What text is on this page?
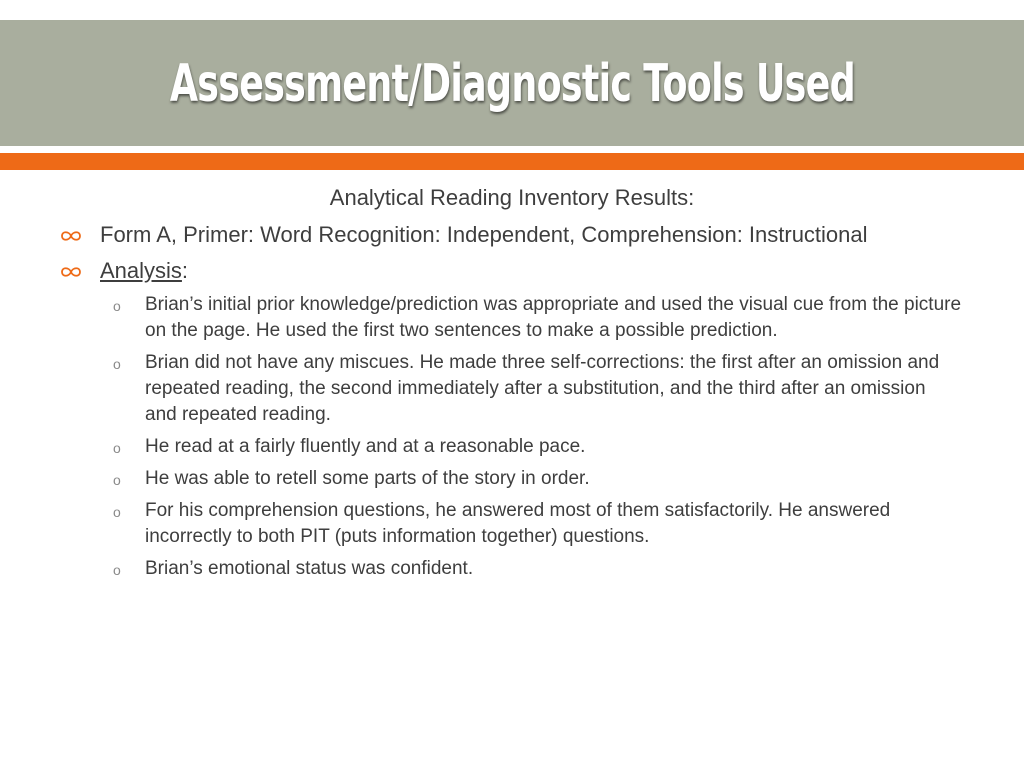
Assessment/Diagnostic Tools Used
Analytical Reading Inventory Results:
Form A, Primer: Word Recognition: Independent, Comprehension: Instructional
Analysis:
o Brian’s initial prior knowledge/prediction was appropriate and used the visual cue from the picture on the page. He used the first two sentences to make a possible prediction.
o Brian did not have any miscues. He made three self-corrections: the first after an omission and repeated reading, the second immediately after a substitution, and the third after an omission and repeated reading.
o He read at a fairly fluently and at a reasonable pace.
o He was able to retell some parts of the story in order.
o For his comprehension questions, he answered most of them satisfactorily. He answered incorrectly to both PIT (puts information together) questions.
o Brian’s emotional status was confident.
